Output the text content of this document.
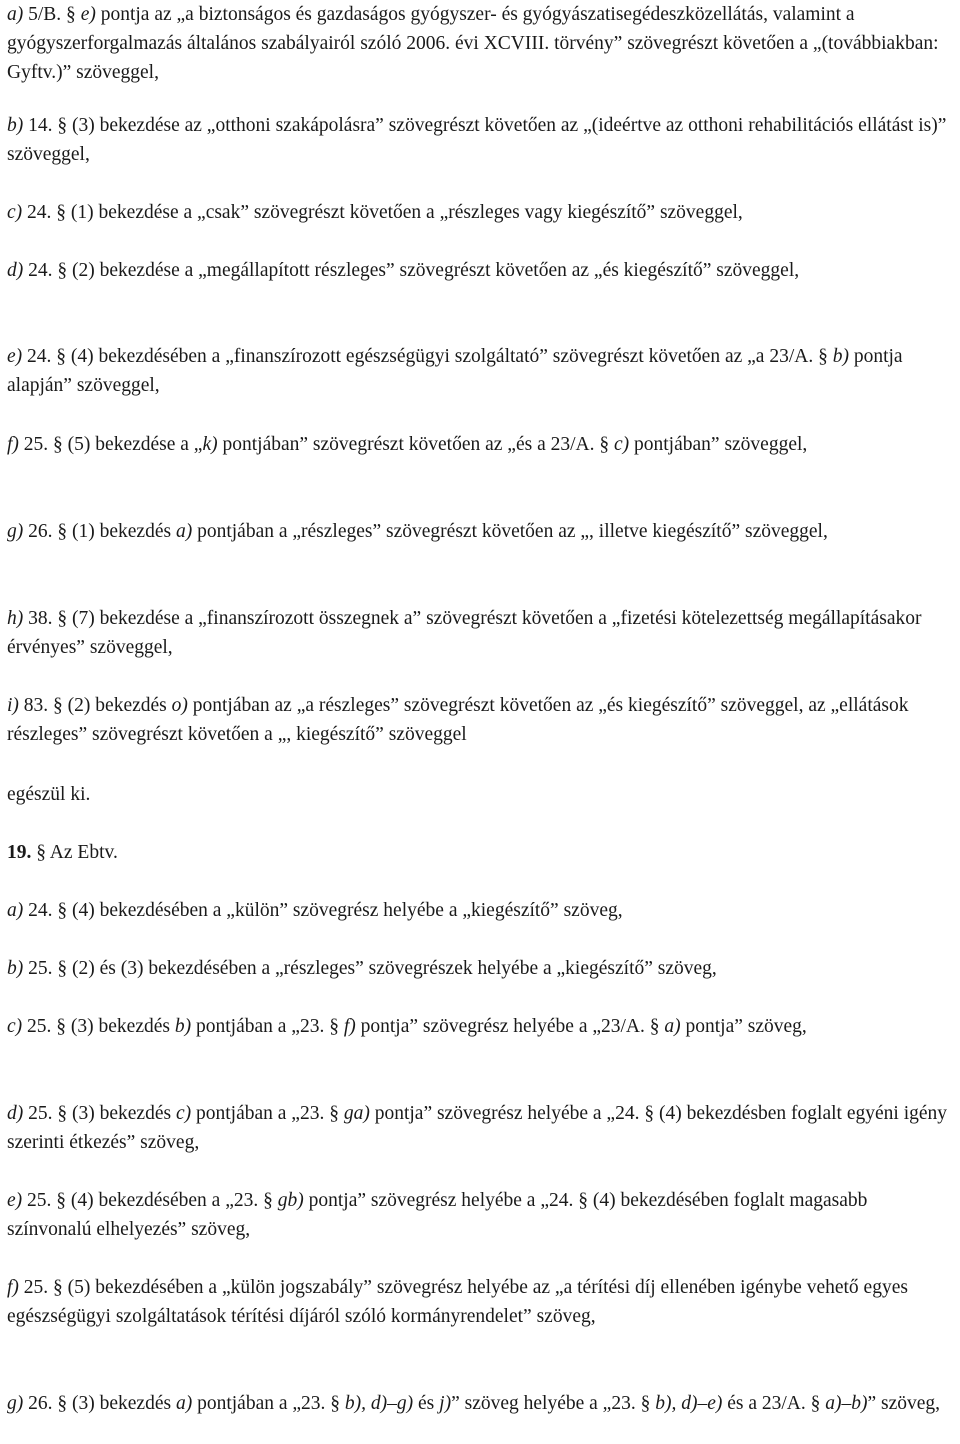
a) 5/B. § e) pontja az „a biztonságos és gazdaságos gyógyszer- és gyógyászatisegédeszközellátás, valamint a gyógyszerforgalmazás általános szabályairól szóló 2006. évi XCVIII. törvény” szövegrészt követően a „(továbbiakban: Gyftv.)” szöveggel,

b) 14. § (3) bekezdése az „otthoni szakápolásra” szövegrészt követően az „(ideértve az otthoni rehabilitációs ellátást is)” szöveggel,

c) 24. § (1) bekezdése a „csak” szövegrészt követően a „részleges vagy kiegészítő” szöveggel,

d) 24. § (2) bekezdése a „megállapított részleges” szövegrészt követően az „és kiegészítő” szöveggel,

e) 24. § (4) bekezdésében a „finanszírozott egészségügyi szolgáltató” szövegrészt követően az „a 23/A. § b) pontja alapján” szöveggel,

f) 25. § (5) bekezdése a „k) pontjában” szövegrészt követően az „és a 23/A. § c) pontjában” szöveggel,

g) 26. § (1) bekezdés a) pontjában a „részleges” szövegrészt követően az „, illetve kiegészítő” szöveggel,

h) 38. § (7) bekezdése a „finanszírozott összegnek a” szövegrészt követően a „fizetési kötelezettség megállapításakor érvényes” szöveggel,

i) 83. § (2) bekezdés o) pontjában az „a részleges” szövegrészt követően az „és kiegészítő” szöveggel, az „ellátások részleges” szövegrészt követően a „, kiegészítő” szöveggel

egészül ki.

19. § Az Ebtv.

a) 24. § (4) bekezdésében a „külön” szövegrész helyébe a „kiegészítő” szöveg,

b) 25. § (2) és (3) bekezdésében a „részleges” szövegrészek helyébe a „kiegészítő” szöveg,

c) 25. § (3) bekezdés b) pontjában a „23. § f) pontja” szövegrész helyébe a „23/A. § a) pontja” szöveg,

d) 25. § (3) bekezdés c) pontjában a „23. § ga) pontja” szövegrész helyébe a „24. § (4) bekezdésben foglalt egyéni igény szerinti étkezés” szöveg,

e) 25. § (4) bekezdésében a „23. § gb) pontja” szövegrész helyébe a „24. § (4) bekezdésében foglalt magasabb színvonalú elhelyezés” szöveg,

f) 25. § (5) bekezdésében a „külön jogszabály” szövegrész helyébe az „a térítési díj ellenében igénybe vehető egyes egészségügyi szolgáltatások térítési díjáról szóló kormányrendelet” szöveg,

g) 26. § (3) bekezdés a) pontjában a „23. § b), d)–g) és j)” szöveg helyébe a „23. § b), d)–e) és a 23/A. § a)–b)” szöveg,
